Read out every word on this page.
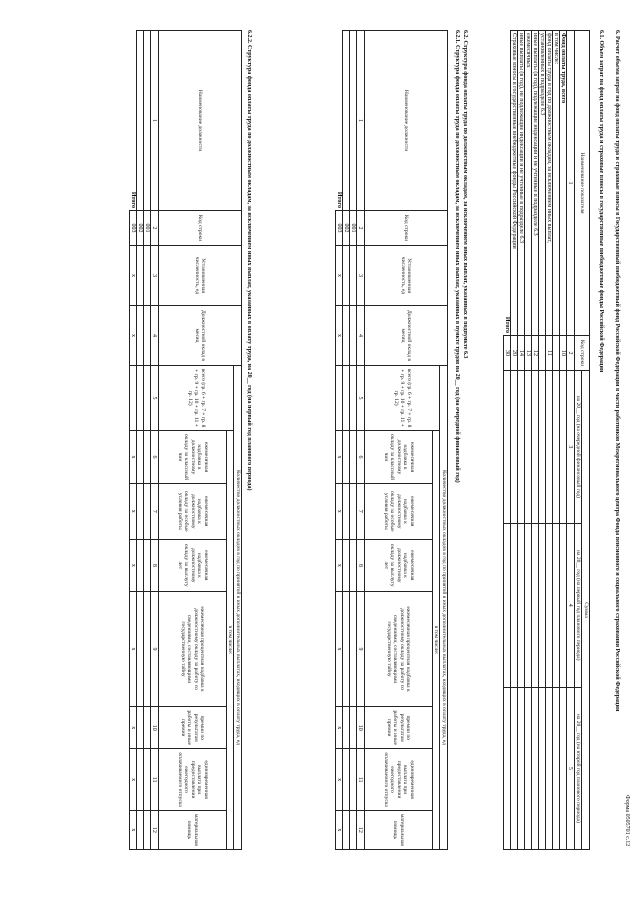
Форма 0505701 с.12
6. Расчет объема затрат на фонд оплаты труда и страховые взносы в Государственный внебюджетный фонд Российской Федерации в части работников Межрегионального центра Фонда пенсионного и социального страхования Российской Федерации
6.1. Объем затрат на фонд оплаты труда и страховые взносы в государственные внебюджетные фонды Российской Федерации
Наименование показателя	Код строки	Сумма		
		на 20__ год (на очередной финансовый год)	на 20__ год (на первый год планового периода)	на 20__ год (на второй год планового периода)
1	2	3	4	5
Фонд оплаты труда, всего	10			
в том числе:				
фонд оплаты труда в год по должностным окладам, за исключением иных выплат,	11			
установленных в подразделе 6.3				
иные выплаты (в год), подлежащие индексации и не учтенные в подразделе 6.3	12			
ежемесячных	13			
иные выплаты (в год), не подлежащие индексации и не учтенные в подразделе 6.3	14			
Страховые взносы в государственные внебюджетные фонды Российской Федерации	20			
Итого	30			
6.2. Структура фонда оплаты труда по должностным окладам, за исключением иных выплат, указанных в подпункте 6.3
6.2.1. Структура фонда оплаты труда по должностным окладам, за исключением иных выплат, указанных в пункте трудов на 20__ год (на очередной финансовый год)
Наименование должности	Код строки	Установленная численность, ед	Должностной оклад в месяц	Количество должностных окладов в год по принятой в иных дополнительных выплатах, входящих в оплату труда, ед							
				всего (гр. 6 + гр. 7 + гр. 8 + гр. 9 + гр. 10 + гр. 11 + гр. 12)	в том числе:						
					ежемесячная надбавка к должностному окладу за классный чин	ежемесячная надбавка к должностному окладу за особые условия работы	ежемесячная надбавка к должностному окладу за выслугу лет	ежемесячная процентная надбавка к должностному окладу за работу со сведениями, составляющими государственную тайну	премии по результатам работы и иные премии	единовременная выплата при предоставлении ежегодного оплачиваемого отпуска	материальная помощь
1	2	3	4	5	6	7	8	9	10	11	12
	001										
	002										
Итого	003	х	х		х	х	х	х	х	х	х
6.2.2. Структура фонда оплаты труда по должностным окладам, за исключением иных выплат, указанных в оплату труда, на 20__ год (на первый год планового периода)
Наименование должности	Код строки	Установленная численность, ед	Должностной оклад в месяц	Количество должностных окладов в год по принятой в иных дополнительных выплатах, входящих в оплату труда, ед							
				всего (гр. 6 + гр. 7 + гр. 8 + гр. 9 + гр. 10 + гр. 11 + гр. 12)	в том числе:						
					ежемесячная надбавка к должностному окладу за классный чин	ежемесячная надбавка к должностному окладу за особые условия работы	ежемесячная надбавка к должностному окладу за выслугу лет	ежемесячная процентная надбавка к должностному окладу за работу со сведениями, составляющими государственную тайну	премии по результатам работы и иные премии	единовременная выплата при предоставлении ежегодного оплачиваемого отпуска	материальная помощь
1	2	3	4	5	6	7	8	9	10	11	12
	001										
	002										
Итого	003	х	х		х	х	х	х	х	х	х
